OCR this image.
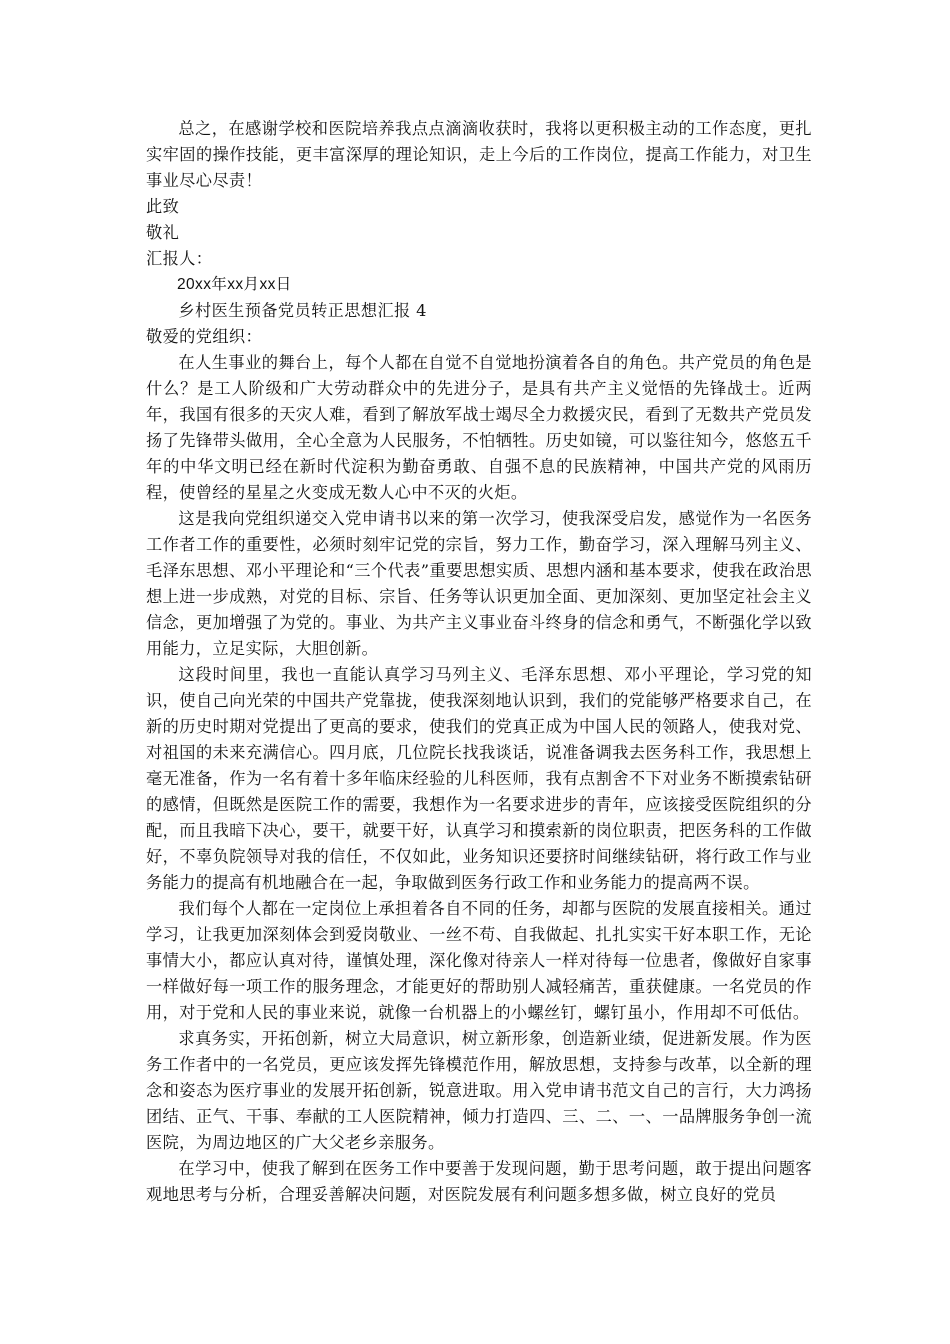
总之，在感谢学校和医院培养我点点滴滴收获时，我将以更积极主动的工作态度，更扎实牢固的操作技能，更丰富深厚的理论知识，走上今后的工作岗位，提高工作能力，对卫生事业尽心尽责！

此致

敬礼

汇报人：

20xx年xx月xx日

乡村医生预备党员转正思想汇报 4

敬爱的党组织：

在人生事业的舞台上，每个人都在自觉不自觉地扮演着各自的角色。共产党员的角色是什么？是工人阶级和广大劳动群众中的先进分子，是具有共产主义觉悟的先锋战士。近两年，我国有很多的天灾人难，看到了解放军战士竭尽全力救援灾民，看到了无数共产党员发扬了先锋带头做用，全心全意为人民服务，不怕牺牲。历史如镜，可以鉴往知今，悠悠五千年的中华文明已经在新时代淀积为勤奋勇敢、自强不息的民族精神，中国共产党的风雨历程，使曾经的星星之火变成无数人心中不灭的火炬。

这是我向党组织递交入党申请书以来的第一次学习，使我深受启发，感觉作为一名医务工作者工作的重要性，必须时刻牢记党的宗旨，努力工作，勤奋学习，深入理解马列主义、毛泽东思想、邓小平理论和“三个代表”重要思想实质、思想内涵和基本要求，使我在政治思想上进一步成熟，对党的目标、宗旨、任务等认识更加全面、更加深刻、更加坚定社会主义信念，更加增强了为党的。事业、为共产主义事业奋斗终身的信念和勇气，不断强化学以致用能力，立足实际，大胆创新。

这段时间里，我也一直能认真学习马列主义、毛泽东思想、邓小平理论，学习党的知识，使自己向光荣的中国共产党靠拢，使我深刻地认识到，我们的党能够严格要求自己，在新的历史时期对党提出了更高的要求，使我们的党真正成为中国人民的领路人，使我对党、对祖国的未来充满信心。四月底，几位院长找我谈话，说准备调我去医务科工作，我思想上毫无准备，作为一名有着十多年临床经验的儿科医师，我有点割舍不下对业务不断摸索钻研的感情，但既然是医院工作的需要，我想作为一名要求进步的青年，应该接受医院组织的分配，而且我暗下决心，要干，就要干好，认真学习和摸索新的岗位职责，把医务科的工作做好，不辜负院领导对我的信任，不仅如此，业务知识还要挤时间继续钻研，将行政工作与业务能力的提高有机地融合在一起，争取做到医务行政工作和业务能力的提高两不误。

我们每个人都在一定岗位上承担着各自不同的任务，却都与医院的发展直接相关。通过学习，让我更加深刻体会到爱岗敬业、一丝不苟、自我做起、扎扎实实干好本职工作，无论事情大小，都应认真对待，谨慎处理，深化像对待亲人一样对待每一位患者，像做好自家事一样做好每一项工作的服务理念，才能更好的帮助别人减轻痛苦，重获健康。一名党员的作用，对于党和人民的事业来说，就像一台机器上的小螺丝钉，螺钉虽小，作用却不可低估。

求真务实，开拓创新，树立大局意识，树立新形象，创造新业绩，促进新发展。作为医务工作者中的一名党员，更应该发挥先锋模范作用，解放思想，支持参与改革，以全新的理念和姿态为医疗事业的发展开拓创新，锐意进取。用入党申请书范文自己的言行，大力鸿扬团结、正气、干事、奉献的工人医院精神，倾力打造四、三、二、一、一品牌服务争创一流医院，为周边地区的广大父老乡亲服务。

在学习中，使我了解到在医务工作中要善于发现问题，勤于思考问题，敢于提出问题客观地思考与分析，合理妥善解决问题，对医院发展有利问题多想多做，树立良好的党员
